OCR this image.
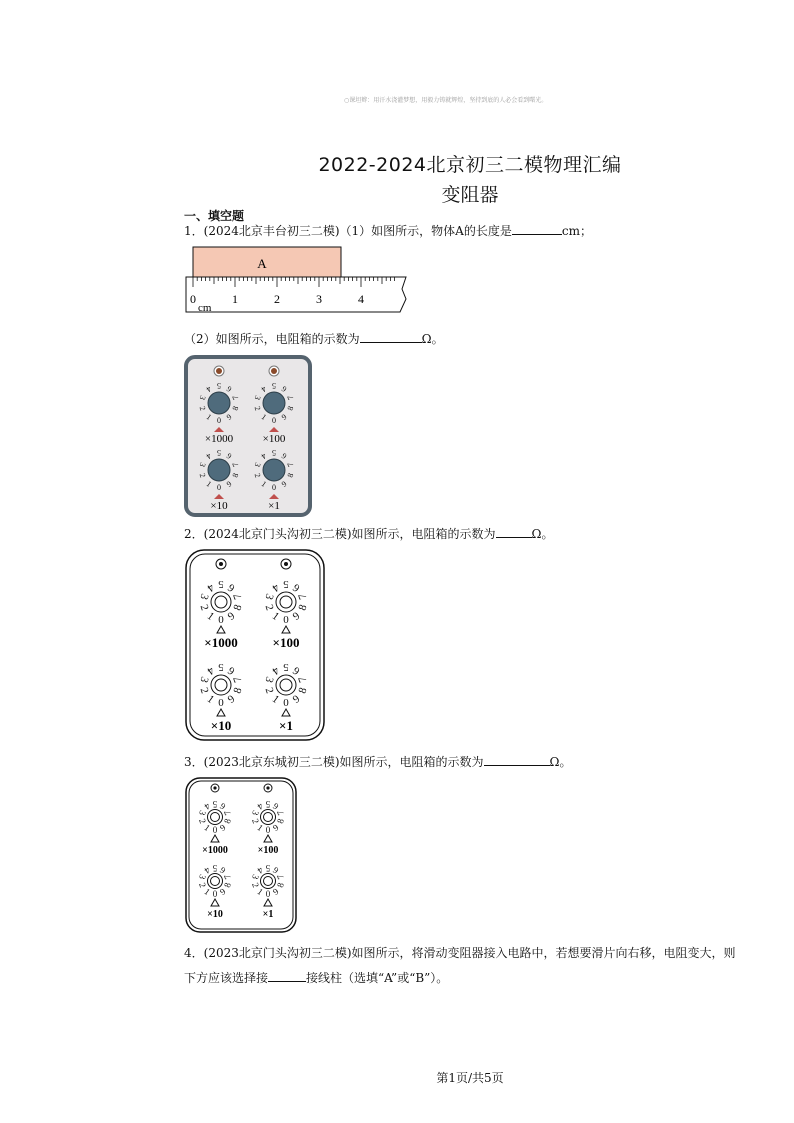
○课坦辫：用汗水浇灌梦想，用毅力铸就辉煌，坚持到底的人必会看到曙光。
2022-2024北京初三二模物理汇编
变阻器
一、填空题
1．(2024北京丰台初三二模)（1）如图所示，物体A的长度是	cm；
A
0	1	2	3	4
cm
（2）如图所示，电阻箱的示数为	Ω。
0
1
2
3
4 5 6
7
8
9
×1000
0
1
2
3
4 5 6
7
8
9
×100
0
1
2
3
4 5 6
7
8
9
×10
0
1
2
3
4 5 6
7
8
9
×1
2．(2024北京门头沟初三二模)如图所示，电阻箱的示数为	Ω。
0
1
2
3
4 5 6
7
8
9
×1000
0
1
2
3
4 5 6
7
8
9
×100
0
1
2
3
4 5 6
7
8
9
×10
0
1
2
3
4 5 6
7
8
9
×1
3．(2023北京东城初三二模)如图所示，电阻箱的示数为	Ω。
0
1
2
3
4 5 6
7
8
9
×1000
0
1
2
3
4 5 6
7
8
9
×100
0
1
2
3
4 5 6
7
8
9
×10
0
1
2
3
4 5 6
7
8
9
×1
4．(2023北京门头沟初三二模)如图所示，将滑动变阻器接入电路中，若想要滑片向右移，电阻变大，则
下方应该选择接	接线柱（选填“A”或“B”）。
第1页/共5页
